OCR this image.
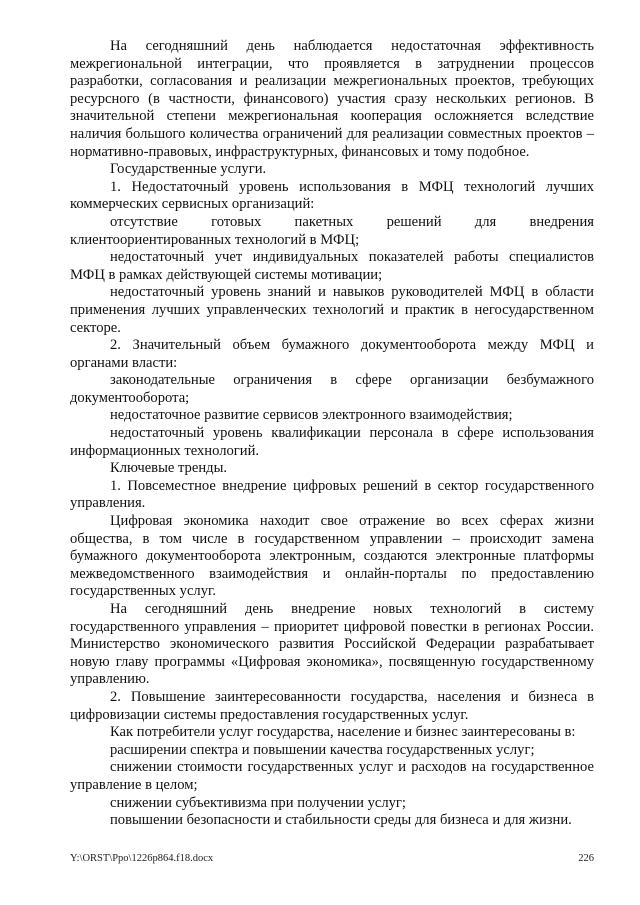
На сегодняшний день наблюдается недостаточная эффективность межрегиональной интеграции, что проявляется в затруднении процессов разработки, согласования и реализации межрегиональных проектов, требующих ресурсного (в частности, финансового) участия сразу нескольких регионов. В значительной степени межрегиональная кооперация осложняется вследствие наличия большого количества ограничений для реализации совместных проектов – нормативно-правовых, инфраструктурных, финансовых и тому подобное.

Государственные услуги.

1. Недостаточный уровень использования в МФЦ технологий лучших коммерческих сервисных организаций:

отсутствие готовых пакетных решений для внедрения клиентоориентированных технологий в МФЦ;

недостаточный учет индивидуальных показателей работы специалистов МФЦ в рамках действующей системы мотивации;

недостаточный уровень знаний и навыков руководителей МФЦ в области применения лучших управленческих технологий и практик в негосударственном секторе.

2. Значительный объем бумажного документооборота между МФЦ и органами власти:

законодательные ограничения в сфере организации безбумажного документооборота;

недостаточное развитие сервисов электронного взаимодействия;

недостаточный уровень квалификации персонала в сфере использования информационных технологий.

Ключевые тренды.

1. Повсеместное внедрение цифровых решений в сектор государственного управления.

Цифровая экономика находит свое отражение во всех сферах жизни общества, в том числе в государственном управлении – происходит замена бумажного документооборота электронным, создаются электронные платформы межведомственного взаимодействия и онлайн-порталы по предоставлению государственных услуг.

На сегодняшний день внедрение новых технологий в систему государственного управления – приоритет цифровой повестки в регионах России. Министерство экономического развития Российской Федерации разрабатывает новую главу программы «Цифровая экономика», посвященную государственному управлению.

2. Повышение заинтересованности государства, населения и бизнеса в цифровизации системы предоставления государственных услуг.

Как потребители услуг государства, население и бизнес заинтересованы в:

расширении спектра и повышении качества государственных услуг;

снижении стоимости государственных услуг и расходов на государственное управление в целом;

снижении субъективизма при получении услуг;

повышении безопасности и стабильности среды для бизнеса и для жизни.

Y:\ORST\Ppo\1226p864.f18.docx	226
